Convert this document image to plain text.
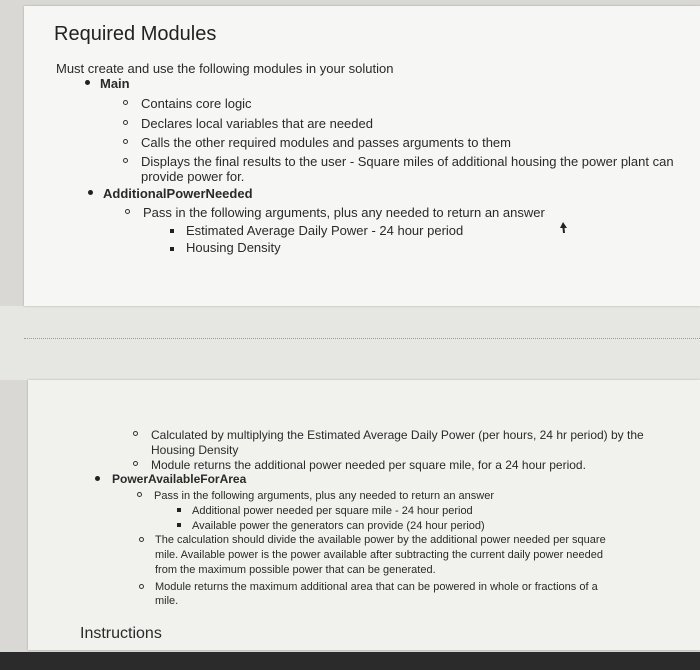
Required Modules
Must create and use the following modules in your solution
Main
Contains core logic
Declares local variables that are needed
Calls the other required modules and passes arguments to them
Displays the final results to the user - Square miles of additional housing the power plant can
provide power for.
AdditionalPowerNeeded
Pass in the following arguments, plus any needed to return an answer
Estimated Average Daily Power - 24 hour period
Housing Density
Calculated by multiplying the Estimated Average Daily Power (per hours, 24 hr period) by the
Housing Density
Module returns the additional power needed per square mile, for a 24 hour period.
PowerAvailableForArea
Pass in the following arguments, plus any needed to return an answer
Additional power needed per square mile - 24 hour period
Available power the generators can provide (24 hour period)
The calculation should divide the available power by the additional power needed per square
mile. Available power is the power available after subtracting the current daily power needed
from the maximum possible power that can be generated.
Module returns the maximum additional area that can be powered in whole or fractions of a
mile.
Instructions
